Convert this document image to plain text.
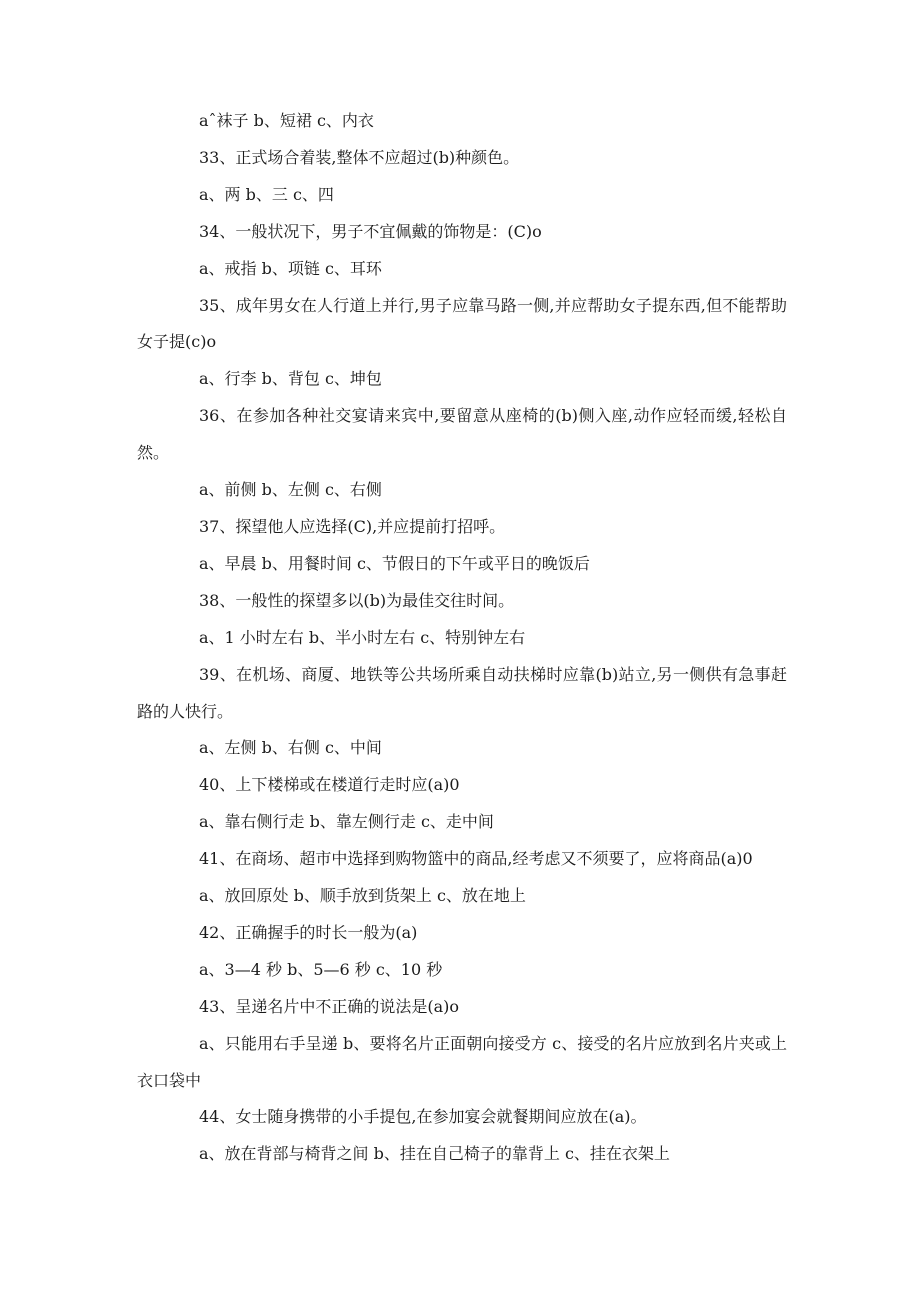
aˆ袜子 b、短裙 c、内衣

33、正式场合着装,整体不应超过(b)种颜色。

a、两 b、三 c、四

34、一般状况下，男子不宜佩戴的饰物是：(C)o

a、戒指 b、项链 c、耳环

35、成年男女在人行道上并行,男子应靠马路一侧,并应帮助女子提东西,但不能帮助女子提(c)o

a、行李 b、背包 c、坤包

36、在参加各种社交宴请来宾中,要留意从座椅的(b)侧入座,动作应轻而缓,轻松自然。

a、前侧 b、左侧 c、右侧

37、探望他人应选择(C),并应提前打招呼。

a、早晨 b、用餐时间 c、节假日的下午或平日的晚饭后

38、一般性的探望多以(b)为最佳交往时间。

a、1 小时左右 b、半小时左右 c、特别钟左右

39、在机场、商厦、地铁等公共场所乘自动扶梯时应靠(b)站立,另一侧供有急事赶路的人快行。

a、左侧 b、右侧 c、中间

40、上下楼梯或在楼道行走时应(a)0

a、靠右侧行走 b、靠左侧行走 c、走中间

41、在商场、超市中选择到购物篮中的商品,经考虑又不须要了，应将商品(a)0

a、放回原处 b、顺手放到货架上 c、放在地上

42、正确握手的时长一般为(a)

a、3—4 秒 b、5—6 秒 c、10 秒

43、呈递名片中不正确的说法是(a)o

a、只能用右手呈递 b、要将名片正面朝向接受方 c、接受的名片应放到名片夹或上衣口袋中

44、女士随身携带的小手提包,在参加宴会就餐期间应放在(a)。

a、放在背部与椅背之间 b、挂在自己椅子的靠背上 c、挂在衣架上
